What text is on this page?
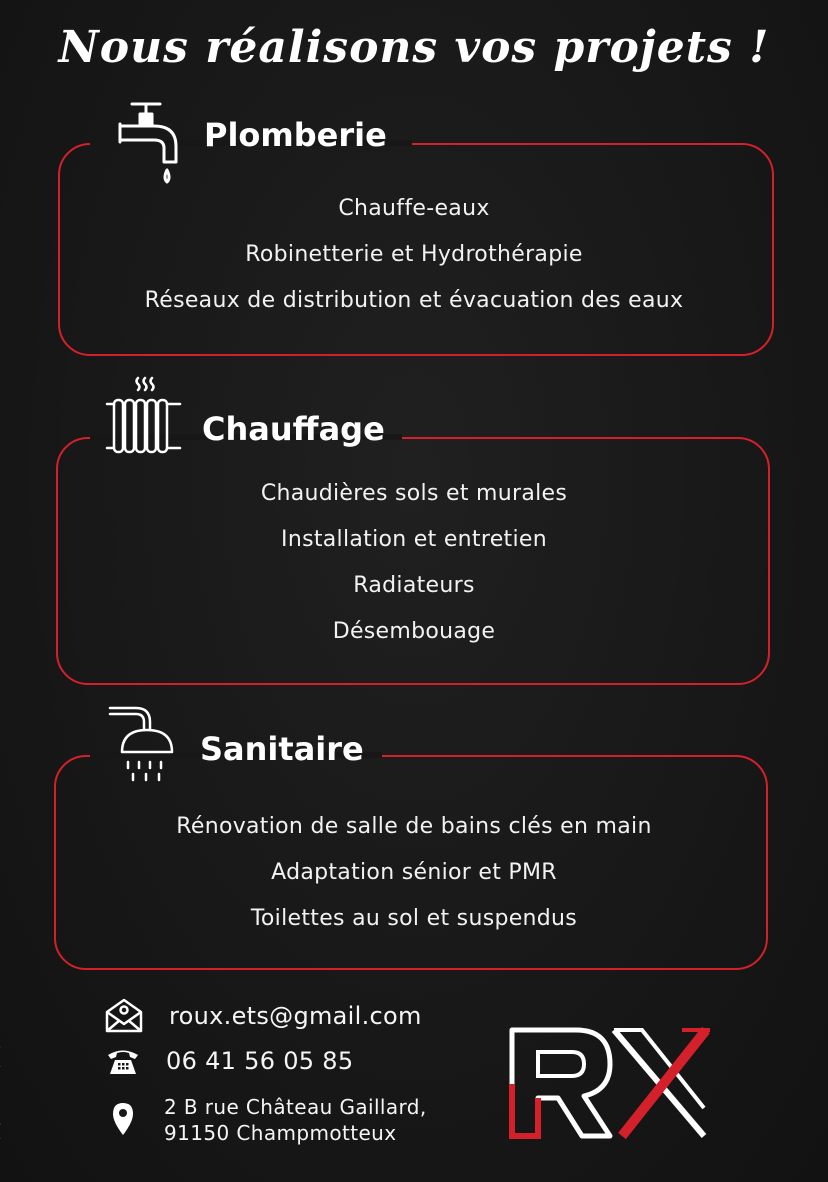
Nous réalisons vos projets !
Plomberie
Chauffe-eaux
Robinetterie et Hydrothérapie
Réseaux de distribution et évacuation des eaux
Chauffage
Chaudières sols et murales
Installation et entretien
Radiateurs
Désembouage
Sanitaire
Rénovation de salle de bains clés en main
Adaptation sénior et PMR
Toilettes au sol et suspendus
roux.ets@gmail.com
06 41 56 05 85
2 B rue Château Gaillard,
91150 Champmotteux
